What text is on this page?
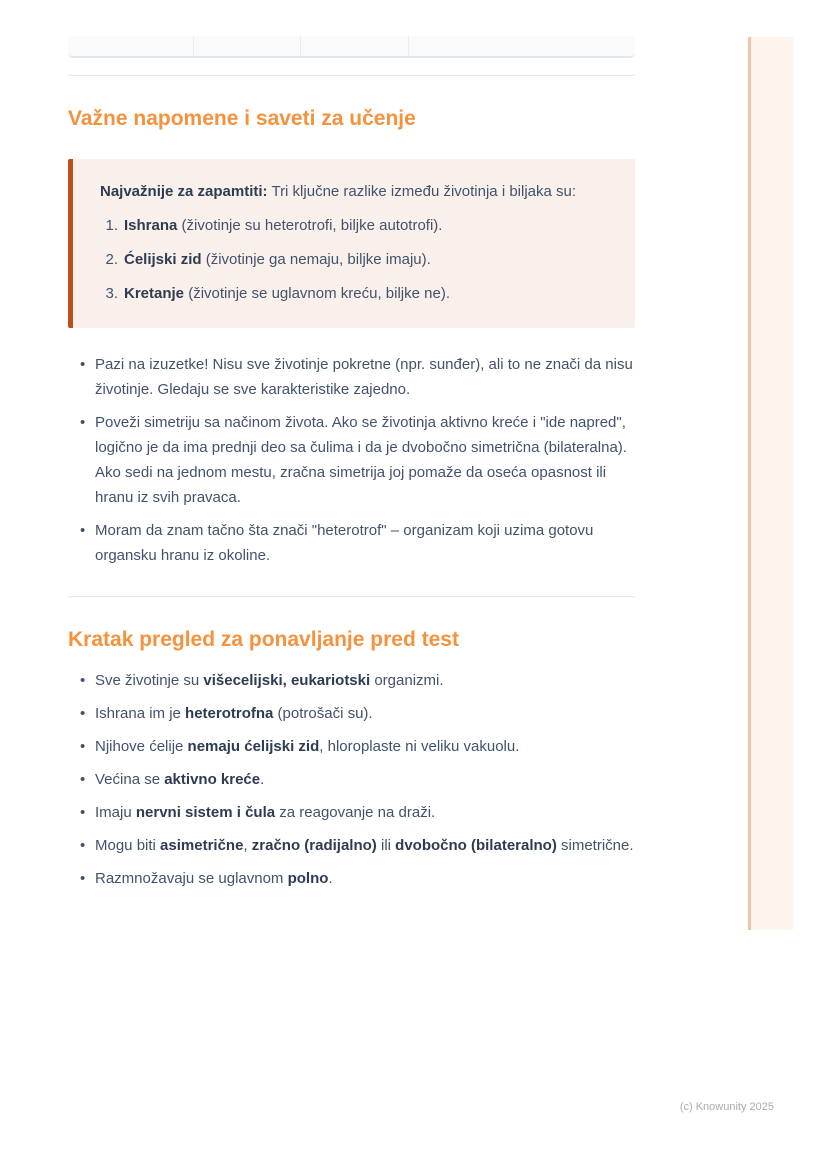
Važne napomene i saveti za učenje
Najvažnije za zapamtiti: Tri ključne razlike između životinja i biljaka su:
1. Ishrana (životinje su heterotrofi, biljke autotrofi).
2. Ćelijski zid (životinje ga nemaju, biljke imaju).
3. Kretanje (životinje se uglavnom kreću, biljke ne).
• Pazi na izuzetke! Nisu sve životinje pokretne (npr. sunđer), ali to ne znači da nisu životinje. Gledaju se sve karakteristike zajedno.
• Poveži simetriju sa načinom života. Ako se životinja aktivno kreće i "ide napred", logično je da ima prednji deo sa čulima i da je dvobočno simetrična (bilateralna). Ako sedi na jednom mestu, zračna simetrija joj pomaže da oseća opasnost ili hranu iz svih pravaca.
• Moram da znam tačno šta znači "heterotrof" – organizam koji uzima gotovu organsku hranu iz okoline.
Kratak pregled za ponavljanje pred test
• Sve životinje su višecelijski, eukariotski organizmi.
• Ishrana im je heterotrofna (potrošači su).
• Njihove ćelije nemaju ćelijski zid, hloroplaste ni veliku vakuolu.
• Većina se aktivno kreće.
• Imaju nervni sistem i čula za reagovanje na draži.
• Mogu biti asimetrične, zračno (radijalno) ili dvobočno (bilateralno) simetrične.
• Razmnožavaju se uglavnom polno.
(c) Knowunity 2025
